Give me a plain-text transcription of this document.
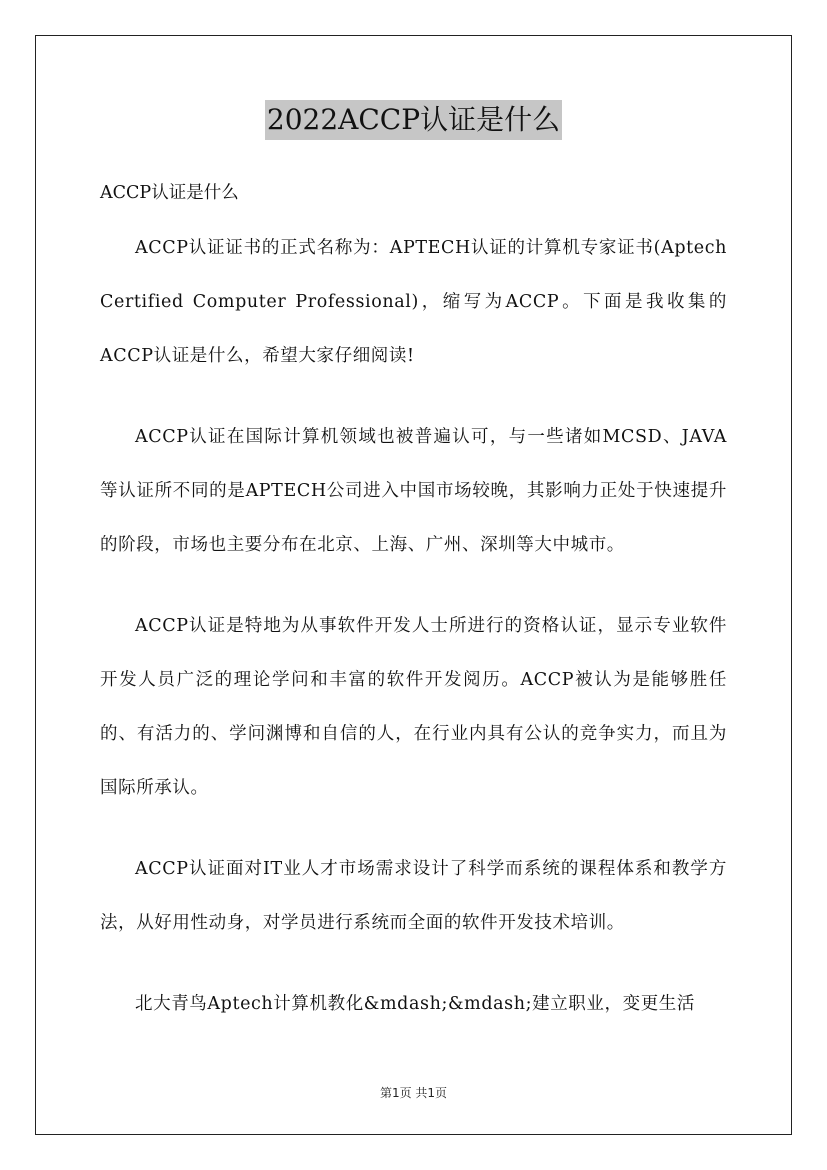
2022ACCP认证是什么

ACCP认证是什么

ACCP认证证书的正式名称为：APTECH认证的计算机专家证书(Aptech Certified Computer Professional)，缩写为ACCP。下面是我收集的ACCP认证是什么，希望大家仔细阅读!

ACCP认证在国际计算机领域也被普遍认可，与一些诸如MCSD、JAVA等认证所不同的是APTECH公司进入中国市场较晚，其影响力正处于快速提升的阶段，市场也主要分布在北京、上海、广州、深圳等大中城市。

ACCP认证是特地为从事软件开发人士所进行的资格认证，显示专业软件开发人员广泛的理论学问和丰富的软件开发阅历。ACCP被认为是能够胜任的、有活力的、学问渊博和自信的人，在行业内具有公认的竞争实力，而且为国际所承认。

ACCP认证面对IT业人才市场需求设计了科学而系统的课程体系和教学方法，从好用性动身，对学员进行系统而全面的软件开发技术培训。

北大青鸟Aptech计算机教化&mdash;&mdash;建立职业，变更生活

第1页 共1页
